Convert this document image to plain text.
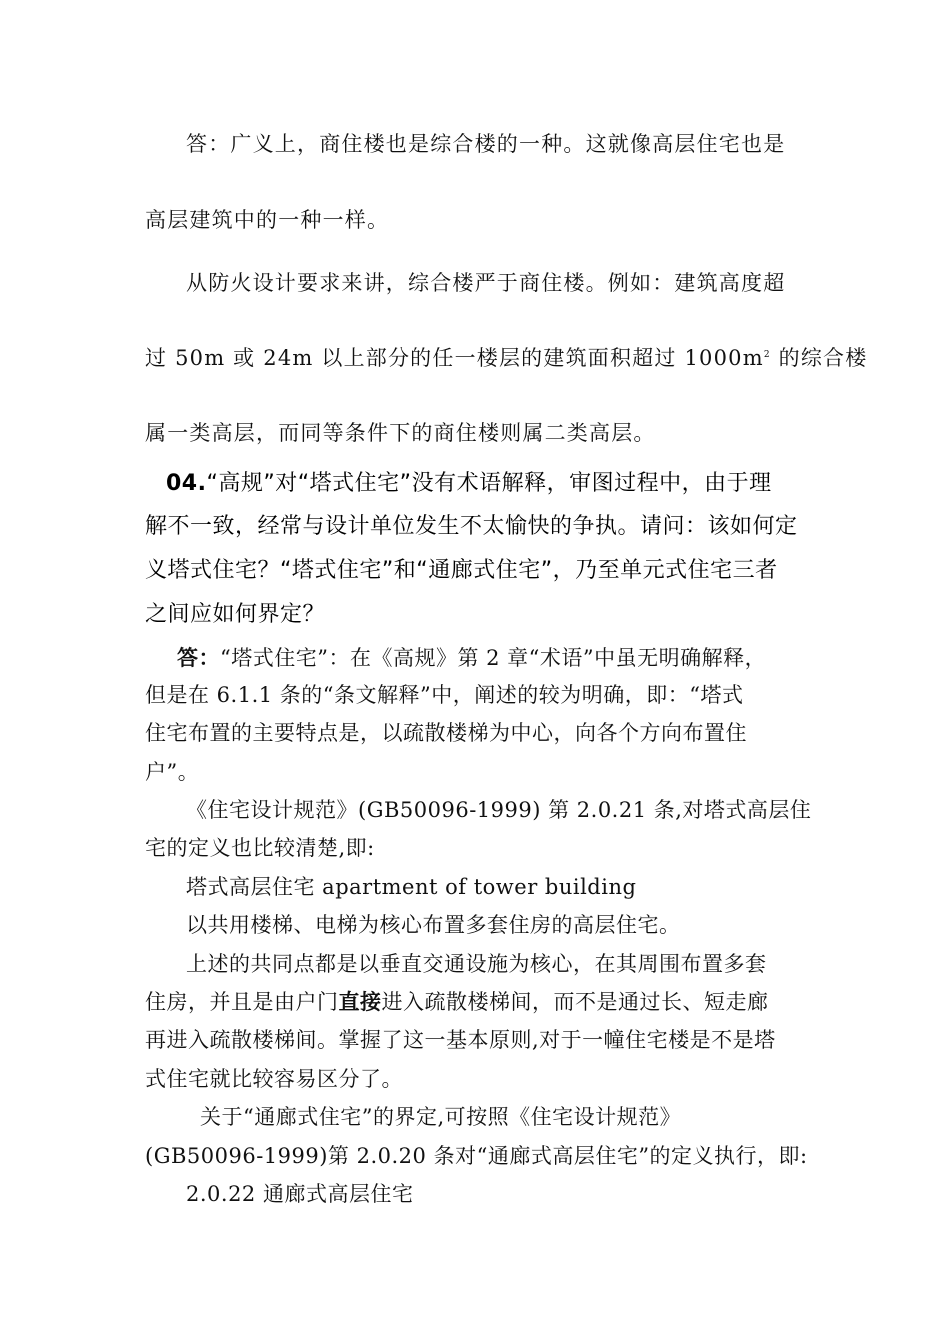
答：广义上，商住楼也是综合楼的一种。这就像高层住宅也是
高层建筑中的一种一样。
从防火设计要求来讲，综合楼严于商住楼。例如：建筑高度超
过 50m 或 24m 以上部分的任一楼层的建筑面积超过 $1000m^2$ 的综合楼
属一类高层，而同等条件下的商住楼则属二类高层。
04.“高规”对“塔式住宅”没有术语解释，审图过程中，由于理
解不一致，经常与设计单位发生不太愉快的争执。请问：该如何定
义塔式住宅？“塔式住宅”和“通廊式住宅”，乃至单元式住宅三者
之间应如何界定？
答：“塔式住宅”：在《高规》第 2 章“术语”中虽无明确解释，
但是在 6.1.1 条的“条文解释”中，阐述的较为明确，即：“塔式
住宅布置的主要特点是，以疏散楼梯为中心，向各个方向布置住
户”。
《住宅设计规范》(GB50096-1999) 第 2.0.21 条,对塔式高层住
宅的定义也比较清楚,即:
塔式高层住宅 apartment of tower building
以共用楼梯、电梯为核心布置多套住房的高层住宅。
上述的共同点都是以垂直交通设施为核心，在其周围布置多套
住房，并且是由户门直接进入疏散楼梯间，而不是通过长、短走廊
再进入疏散楼梯间。掌握了这一基本原则,对于一幢住宅楼是不是塔
式住宅就比较容易区分了。
关于“通廊式住宅”的界定,可按照《住宅设计规范》
(GB50096-1999)第 2.0.20 条对“通廊式高层住宅”的定义执行，即:
2.0.22 通廊式高层住宅
